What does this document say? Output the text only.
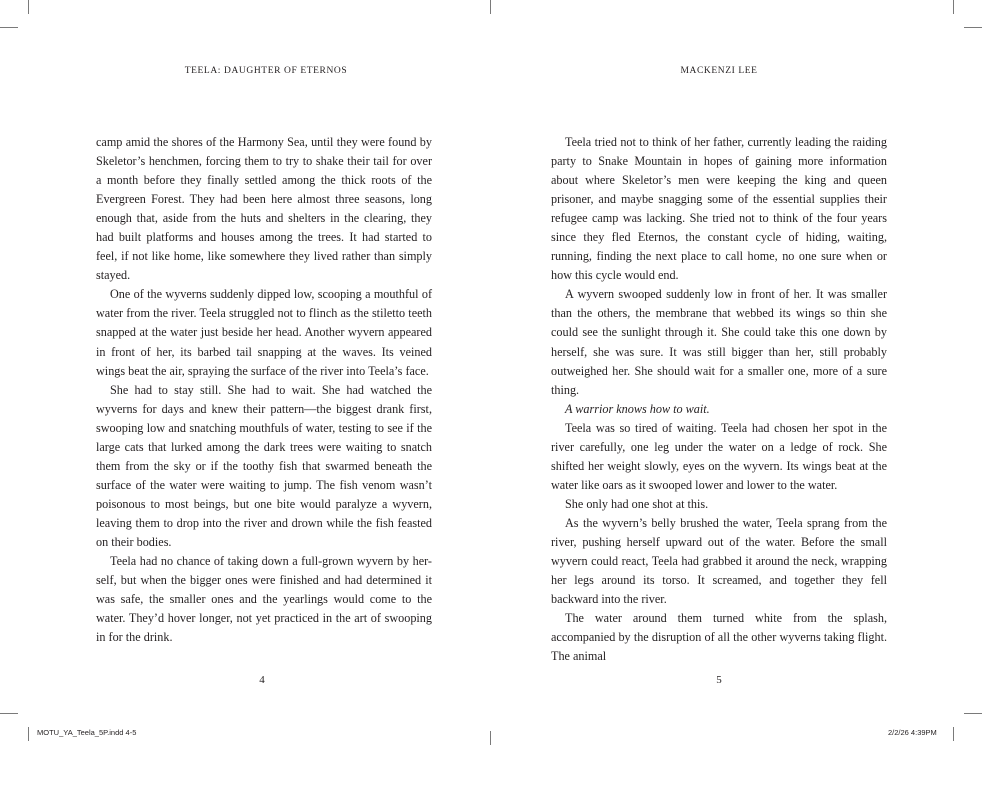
TEELA: DAUGHTER OF ETERNOS	MACKENZI LEE

camp amid the shores of the Harmony Sea, until they were found by Skeletor’s henchmen, forcing them to try to shake their tail for over a month before they finally settled among the thick roots of the Evergreen Forest. They had been here almost three seasons, long enough that, aside from the huts and shelters in the clearing, they had built platforms and houses among the trees. It had started to feel, if not like home, like somewhere they lived rather than simply stayed.

One of the wyverns suddenly dipped low, scooping a mouthful of water from the river. Teela struggled not to flinch as the stiletto teeth snapped at the water just beside her head. Another wyvern appeared in front of her, its barbed tail snapping at the waves. Its veined wings beat the air, spraying the surface of the river into Teela’s face.

She had to stay still. She had to wait. She had watched the wyverns for days and knew their pattern—the biggest drank first, swooping low and snatching mouthfuls of water, testing to see if the large cats that lurked among the dark trees were waiting to snatch them from the sky or if the toothy fish that swarmed beneath the surface of the water were waiting to jump. The fish venom wasn’t poisonous to most beings, but one bite would paralyze a wyvern, leaving them to drop into the river and drown while the fish feasted on their bodies.

Teela had no chance of taking down a full-grown wyvern by her-self, but when the bigger ones were finished and had determined it was safe, the smaller ones and the yearlings would come to the water. They’d hover longer, not yet practiced in the art of swooping in for the drink.

Teela tried not to think of her father, currently leading the raiding party to Snake Mountain in hopes of gaining more information about where Skeletor’s men were keeping the king and queen prisoner, and maybe snagging some of the essential supplies their refugee camp was lacking. She tried not to think of the four years since they fled Eternos, the constant cycle of hiding, waiting, running, finding the next place to call home, no one sure when or how this cycle would end.

A wyvern swooped suddenly low in front of her. It was smaller than the others, the membrane that webbed its wings so thin she could see the sunlight through it. She could take this one down by herself, she was sure. It was still bigger than her, still probably outweighed her. She should wait for a smaller one, more of a sure thing.

A warrior knows how to wait.

Teela was so tired of waiting. Teela had chosen her spot in the river carefully, one leg under the water on a ledge of rock. She shifted her weight slowly, eyes on the wyvern. Its wings beat at the water like oars as it swooped lower and lower to the water.

She only had one shot at this.

As the wyvern’s belly brushed the water, Teela sprang from the river, pushing herself upward out of the water. Before the small wyvern could react, Teela had grabbed it around the neck, wrapping her legs around its torso. It screamed, and together they fell backward into the river.

The water around them turned white from the splash, accompanied by the disruption of all the other wyverns taking flight. The animal

4	5
MOTU_YA_Teela_5P.indd 4-5	2/2/26 4:39PM
